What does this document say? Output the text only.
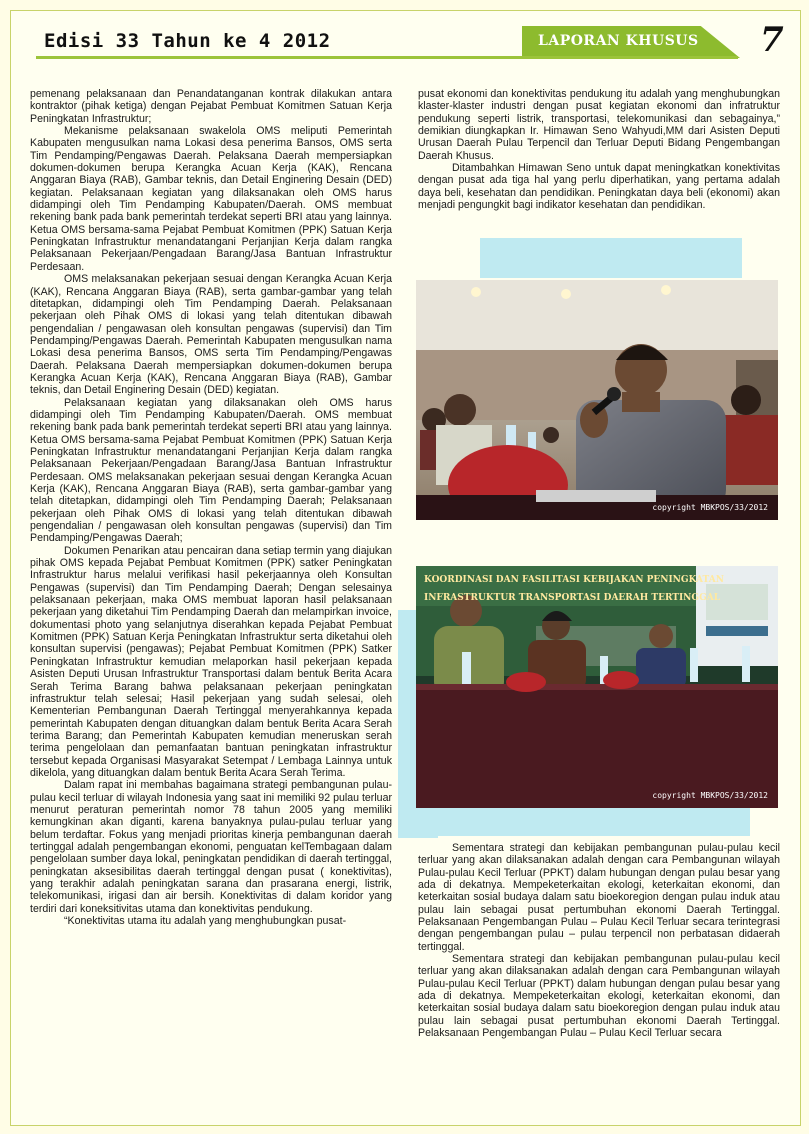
Edisi 33 Tahun ke 4 2012	LAPORAN KHUSUS 7

pemenang pelaksanaan dan Penandatanganan kontrak dilakukan antara kontraktor (pihak ketiga) dengan Pejabat Pembuat Komitmen Satuan Kerja Peningkatan Infrastruktur;

Mekanisme pelaksanaan swakelola OMS meliputi Pemerintah Kabupaten mengusulkan nama Lokasi desa penerima Bansos, OMS serta Tim Pendamping/Pengawas Daerah. Pelaksana Daerah mempersiapkan dokumen-dokumen berupa Kerangka Acuan Kerja (KAK), Rencana Anggaran Biaya (RAB), Gambar teknis, dan Detail Enginering Desain (DED) kegiatan. Pelaksanaan kegiatan yang dilaksanakan oleh OMS harus didampingi oleh Tim Pendamping Kabupaten/Daerah. OMS membuat rekening bank pada bank pemerintah terdekat seperti BRI atau yang lainnya. Ketua OMS bersama-sama Pejabat Pembuat Komitmen (PPK) Satuan Kerja Peningkatan Infrastruktur menandatangani Perjanjian Kerja dalam rangka Pelaksanaan Pekerjaan/Pengadaan Barang/Jasa Bantuan Infrastruktur Perdesaan.

OMS melaksanakan pekerjaan sesuai dengan Kerangka Acuan Kerja (KAK), Rencana Anggaran Biaya (RAB), serta gambar-gambar yang telah ditetapkan, didampingi oleh Tim Pendamping Daerah. Pelaksanaan pekerjaan oleh Pihak OMS di lokasi yang telah ditentukan dibawah pengendalian / pengawasan oleh konsultan pengawas (supervisi) dan Tim Pendamping/Pengawas Daerah. Pemerintah Kabupaten mengusulkan nama Lokasi desa penerima Bansos, OMS serta Tim Pendamping/Pengawas Daerah. Pelaksana Daerah mempersiapkan dokumen-dokumen berupa Kerangka Acuan Kerja (KAK), Rencana Anggaran Biaya (RAB), Gambar teknis, dan Detail Enginering Desain (DED) kegiatan.

Pelaksanaan kegiatan yang dilaksanakan oleh OMS harus didampingi oleh Tim Pendamping Kabupaten/Daerah. OMS membuat rekening bank pada bank pemerintah terdekat seperti BRI atau yang lainnya. Ketua OMS bersama-sama Pejabat Pembuat Komitmen (PPK) Satuan Kerja Peningkatan Infrastruktur menandatangani Perjanjian Kerja dalam rangka Pelaksanaan Pekerjaan/Pengadaan Barang/Jasa Bantuan Infrastruktur Perdesaan. OMS melaksanakan pekerjaan sesuai dengan Kerangka Acuan Kerja (KAK), Rencana Anggaran Biaya (RAB), serta gambar-gambar yang telah ditetapkan, didampingi oleh Tim Pendamping Daerah; Pelaksanaan pekerjaan oleh Pihak OMS di lokasi yang telah ditentukan dibawah pengendalian / pengawasan oleh konsultan pengawas (supervisi) dan Tim Pendamping/Pengawas Daerah;

Dokumen Penarikan atau pencairan dana setiap termin yang diajukan pihak OMS kepada Pejabat Pembuat Komitmen (PPK) satker Peningkatan Infrastruktur harus melalui verifikasi hasil pekerjaannya oleh Konsultan Pengawas (supervisi) dan Tim Pendamping Daerah; Dengan selesainya pelaksanaan pekerjaan, maka OMS membuat laporan hasil pelaksanaan pekerjaan yang diketahui Tim Pendamping Daerah dan melampirkan invoice, dokumentasi photo yang selanjutnya diserahkan kepada Pejabat Pembuat Komitmen (PPK) Satuan Kerja Peningkatan Infrastruktur serta diketahui oleh konsultan supervisi (pengawas); Pejabat Pembuat Komitmen (PPK) Satker Peningkatan Infrastruktur kemudian melaporkan hasil pekerjaan kepada Asisten Deputi Urusan Infrastruktur Transportasi dalam bentuk Berita Acara Serah Terima Barang bahwa pelaksanaan pekerjaan peningkatan infrastruktur telah selesai; Hasil pekerjaan yang sudah selesai, oleh Kementerian Pembangunan Daerah Tertinggal menyerahkannya kepada pemerintah Kabupaten dengan dituangkan dalam bentuk Berita Acara Serah terima Barang; dan Pemerintah Kabupaten kemudian meneruskan serah terima pengelolaan dan pemanfaatan bantuan peningkatan infrastruktur tersebut kepada Organisasi Masyarakat Setempat / Lembaga Lainnya untuk dikelola, yang dituangkan dalam bentuk Berita Acara Serah Terima.

Dalam rapat ini membahas bagaimana strategi pembangunan pulau-pulau kecil terluar di wilayah Indonesia yang saat ini memiliki 92 pulau terluar menurut peraturan pemerintah nomor 78 tahun 2005 yang memiliki kemungkinan akan diganti, karena banyaknya pulau-pulau terluar yang belum terdaftar. Fokus yang menjadi prioritas kinerja pembangunan daerah tertinggal adalah pengembangan ekonomi, penguatan kelTembagaan dalam pengelolaan sumber daya lokal, peningkatan pendidikan di daerah tertinggal, peningkatan aksesibilitas daerah tertinggal dengan pusat ( konektivitas), yang terakhir adalah peningkatan sarana dan prasarana energi, listrik, telekomunikasi, irigasi dan air bersih. Konektivitas di dalam koridor yang terdiri dari koneksitivitas utama dan konektivitas pendukung.

“Konektivitas utama itu adalah yang menghubungkan pusat-

pusat ekonomi dan konektivitas pendukung itu adalah yang menghubungkan klaster-klaster industri dengan pusat kegiatan ekonomi dan infratruktur pendukung seperti listrik, transportasi, telekomunikasi dan sebagainya,” demikian diungkapkan Ir. Himawan Seno Wahyudi,MM dari Asisten Deputi Urusan Daerah Pulau Terpencil dan Terluar Deputi Bidang Pengembangan Daerah Khusus.

Ditambahkan Himawan Seno untuk dapat meningkatkan konektivitas dengan pusat ada tiga hal yang perlu diperhatikan, yang pertama adalah daya beli, kesehatan dan pendidikan. Peningkatan daya beli (ekonomi) akan menjadi pengungkit bagi indikator kesehatan dan pendidikan.

copyright MBKPOS/33/2012
KOORDINASI DAN FASILITASI KEBIJAKAN PENINGKATAN
INFRASTRUKTUR TRANSPORTASI DAERAH TERTINGGAL
copyright MBKPOS/33/2012

Sementara strategi dan kebijakan pembangunan pulau-pulau kecil terluar yang akan dilaksanakan adalah dengan cara Pembangunan wilayah Pulau-pulau Kecil Terluar (PPKT) dalam hubungan dengan pulau besar yang ada di dekatnya. Mempeketerkaitan ekologi, keterkaitan ekonomi, dan keterkaitan sosial budaya dalam satu bioekoregion dengan pulau induk atau pulau lain sebagai pusat pertumbuhan ekonomi Daerah Tertinggal. Pelaksanaan Pengembangan Pulau – Pulau Kecil Terluar secara terintegrasi dengan pengembangan pulau – pulau terpencil non perbatasan didaerah tertinggal.

Sementara strategi dan kebijakan pembangunan pulau-pulau kecil terluar yang akan dilaksanakan adalah dengan cara Pembangunan wilayah Pulau-pulau Kecil Terluar (PPKT) dalam hubungan dengan pulau besar yang ada di dekatnya. Mempeketerkaitan ekologi, keterkaitan ekonomi, dan keterkaitan sosial budaya dalam satu bioekoregion dengan pulau induk atau pulau lain sebagai pusat pertumbuhan ekonomi Daerah Tertinggal. Pelaksanaan Pengembangan Pulau – Pulau Kecil Terluar secara
